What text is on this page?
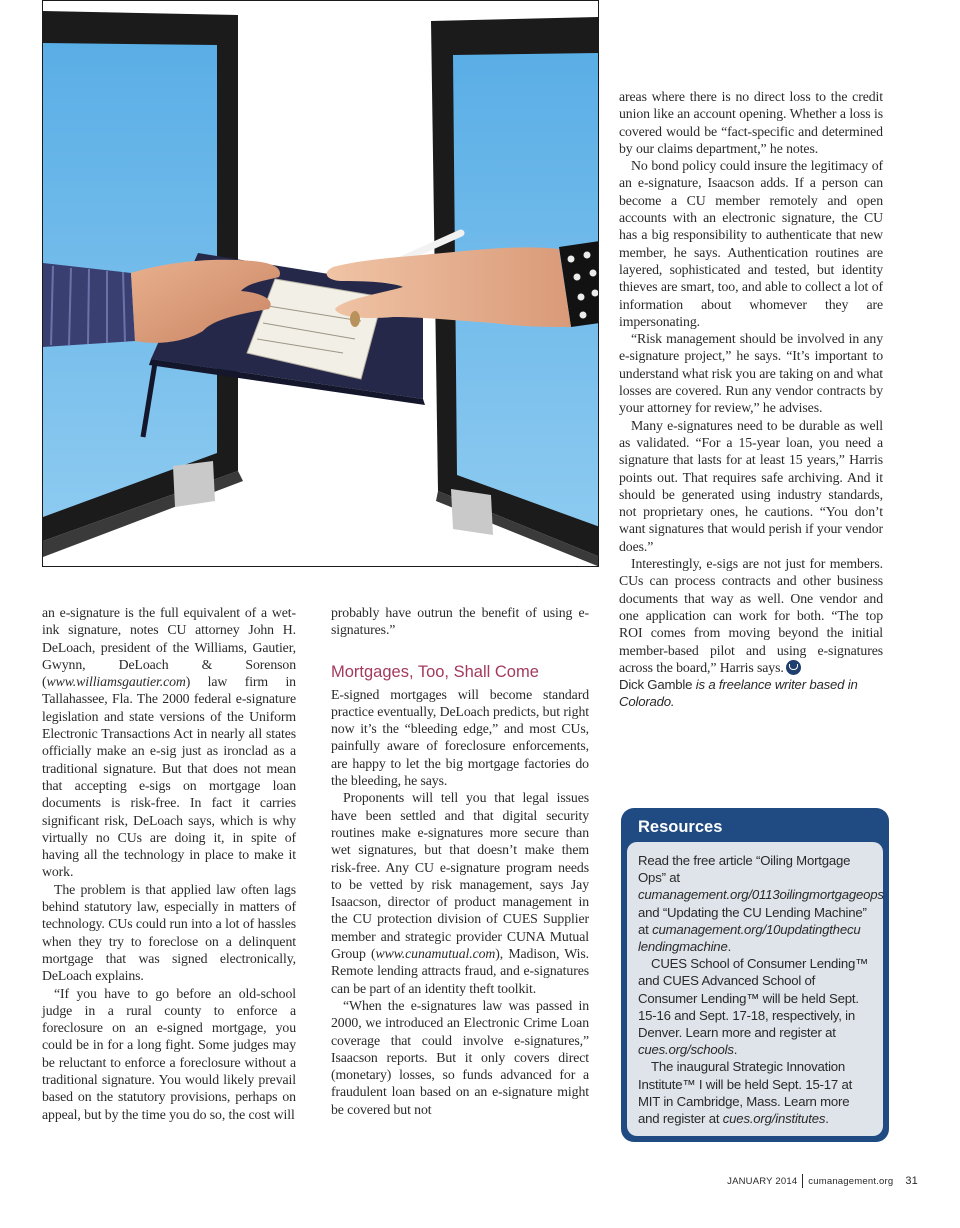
an e-signature is the full equivalent of a wet-ink signature, notes CU attorney John H. DeLoach, president of the Williams, Gautier, Gwynn, DeLoach & Sorenson (www.williamsgautier.com) law firm in Tallahassee, Fla. The 2000 federal e-signature legislation and state versions of the Uniform Electronic Transactions Act in nearly all states officially make an e-sig just as ironclad as a traditional signature. But that does not mean that accepting e-sigs on mortgage loan documents is risk-free. In fact it carries significant risk, DeLoach says, which is why virtually no CUs are doing it, in spite of having all the technology in place to make it work.

The problem is that applied law often lags behind statutory law, especially in matters of technology. CUs could run into a lot of hassles when they try to foreclose on a delinquent mortgage that was signed electronically, DeLoach explains.

“If you have to go before an old-school judge in a rural county to enforce a foreclosure on an e-signed mortgage, you could be in for a long fight. Some judges may be reluctant to enforce a foreclosure without a traditional signature. You would likely prevail based on the statutory provisions, perhaps on appeal, but by the time you do so, the cost will

probably have outrun the benefit of using e-signatures.”

Mortgages, Too, Shall Come

E-signed mortgages will become standard practice eventually, DeLoach predicts, but right now it’s the “bleeding edge,” and most CUs, painfully aware of foreclosure enforcements, are happy to let the big mortgage factories do the bleeding, he says.

Proponents will tell you that legal issues have been settled and that digital security routines make e-signatures more secure than wet signatures, but that doesn’t make them risk-free. Any CU e-signature program needs to be vetted by risk management, says Jay Isaacson, director of product management in the CU protection division of CUES Supplier member and strategic provider CUNA Mutual Group (www.cunamutual.com), Madison, Wis. Remote lending attracts fraud, and e-signatures can be part of an identity theft toolkit.

“When the e-signatures law was passed in 2000, we introduced an Electronic Crime Loan coverage that could involve e-signatures,” Isaacson reports. But it only covers direct (monetary) losses, so funds advanced for a fraudulent loan based on an e-signature might be covered but not

areas where there is no direct loss to the credit union like an account opening. Whether a loss is covered would be “fact-specific and determined by our claims department,” he notes.

No bond policy could insure the legitimacy of an e-signature, Isaacson adds. If a person can become a CU member remotely and open accounts with an electronic signature, the CU has a big responsibility to authenticate that new member, he says. Authentication routines are layered, sophisticated and tested, but identity thieves are smart, too, and able to collect a lot of information about whomever they are impersonating.

“Risk management should be involved in any e-signature project,” he says. “It’s important to understand what risk you are taking on and what losses are covered. Run any vendor contracts by your attorney for review,” he advises.

Many e-signatures need to be durable as well as validated. “For a 15-year loan, you need a signature that lasts for at least 15 years,” Harris points out. That requires safe archiving. And it should be generated using industry standards, not proprietary ones, he cautions. “You don’t want signatures that would perish if your vendor does.”

Interestingly, e-sigs are not just for members. CUs can process contracts and other business documents that way as well. One vendor and one application can work for both. “The top ROI comes from moving beyond the initial member-based pilot and using e-signatures across the board,” Harris says.

Dick Gamble is a freelance writer based in Colorado.

Resources

Read the free article “Oiling Mortgage Ops” at cumanagement.org/0113oilingmortgageops and “Updating the CU Lending Machine” at cumanagement.org/10updatingthecu lendingmachine.

CUES School of Consumer Lending™ and CUES Advanced School of Consumer Lending™ will be held Sept. 15-16 and Sept. 17-18, respectively, in Denver. Learn more and register at cues.org/schools.

The inaugural Strategic Innovation Institute™ I will be held Sept. 15-17 at MIT in Cambridge, Mass. Learn more and register at cues.org/institutes.

JANUARY 2014 cumanagement.org 31
